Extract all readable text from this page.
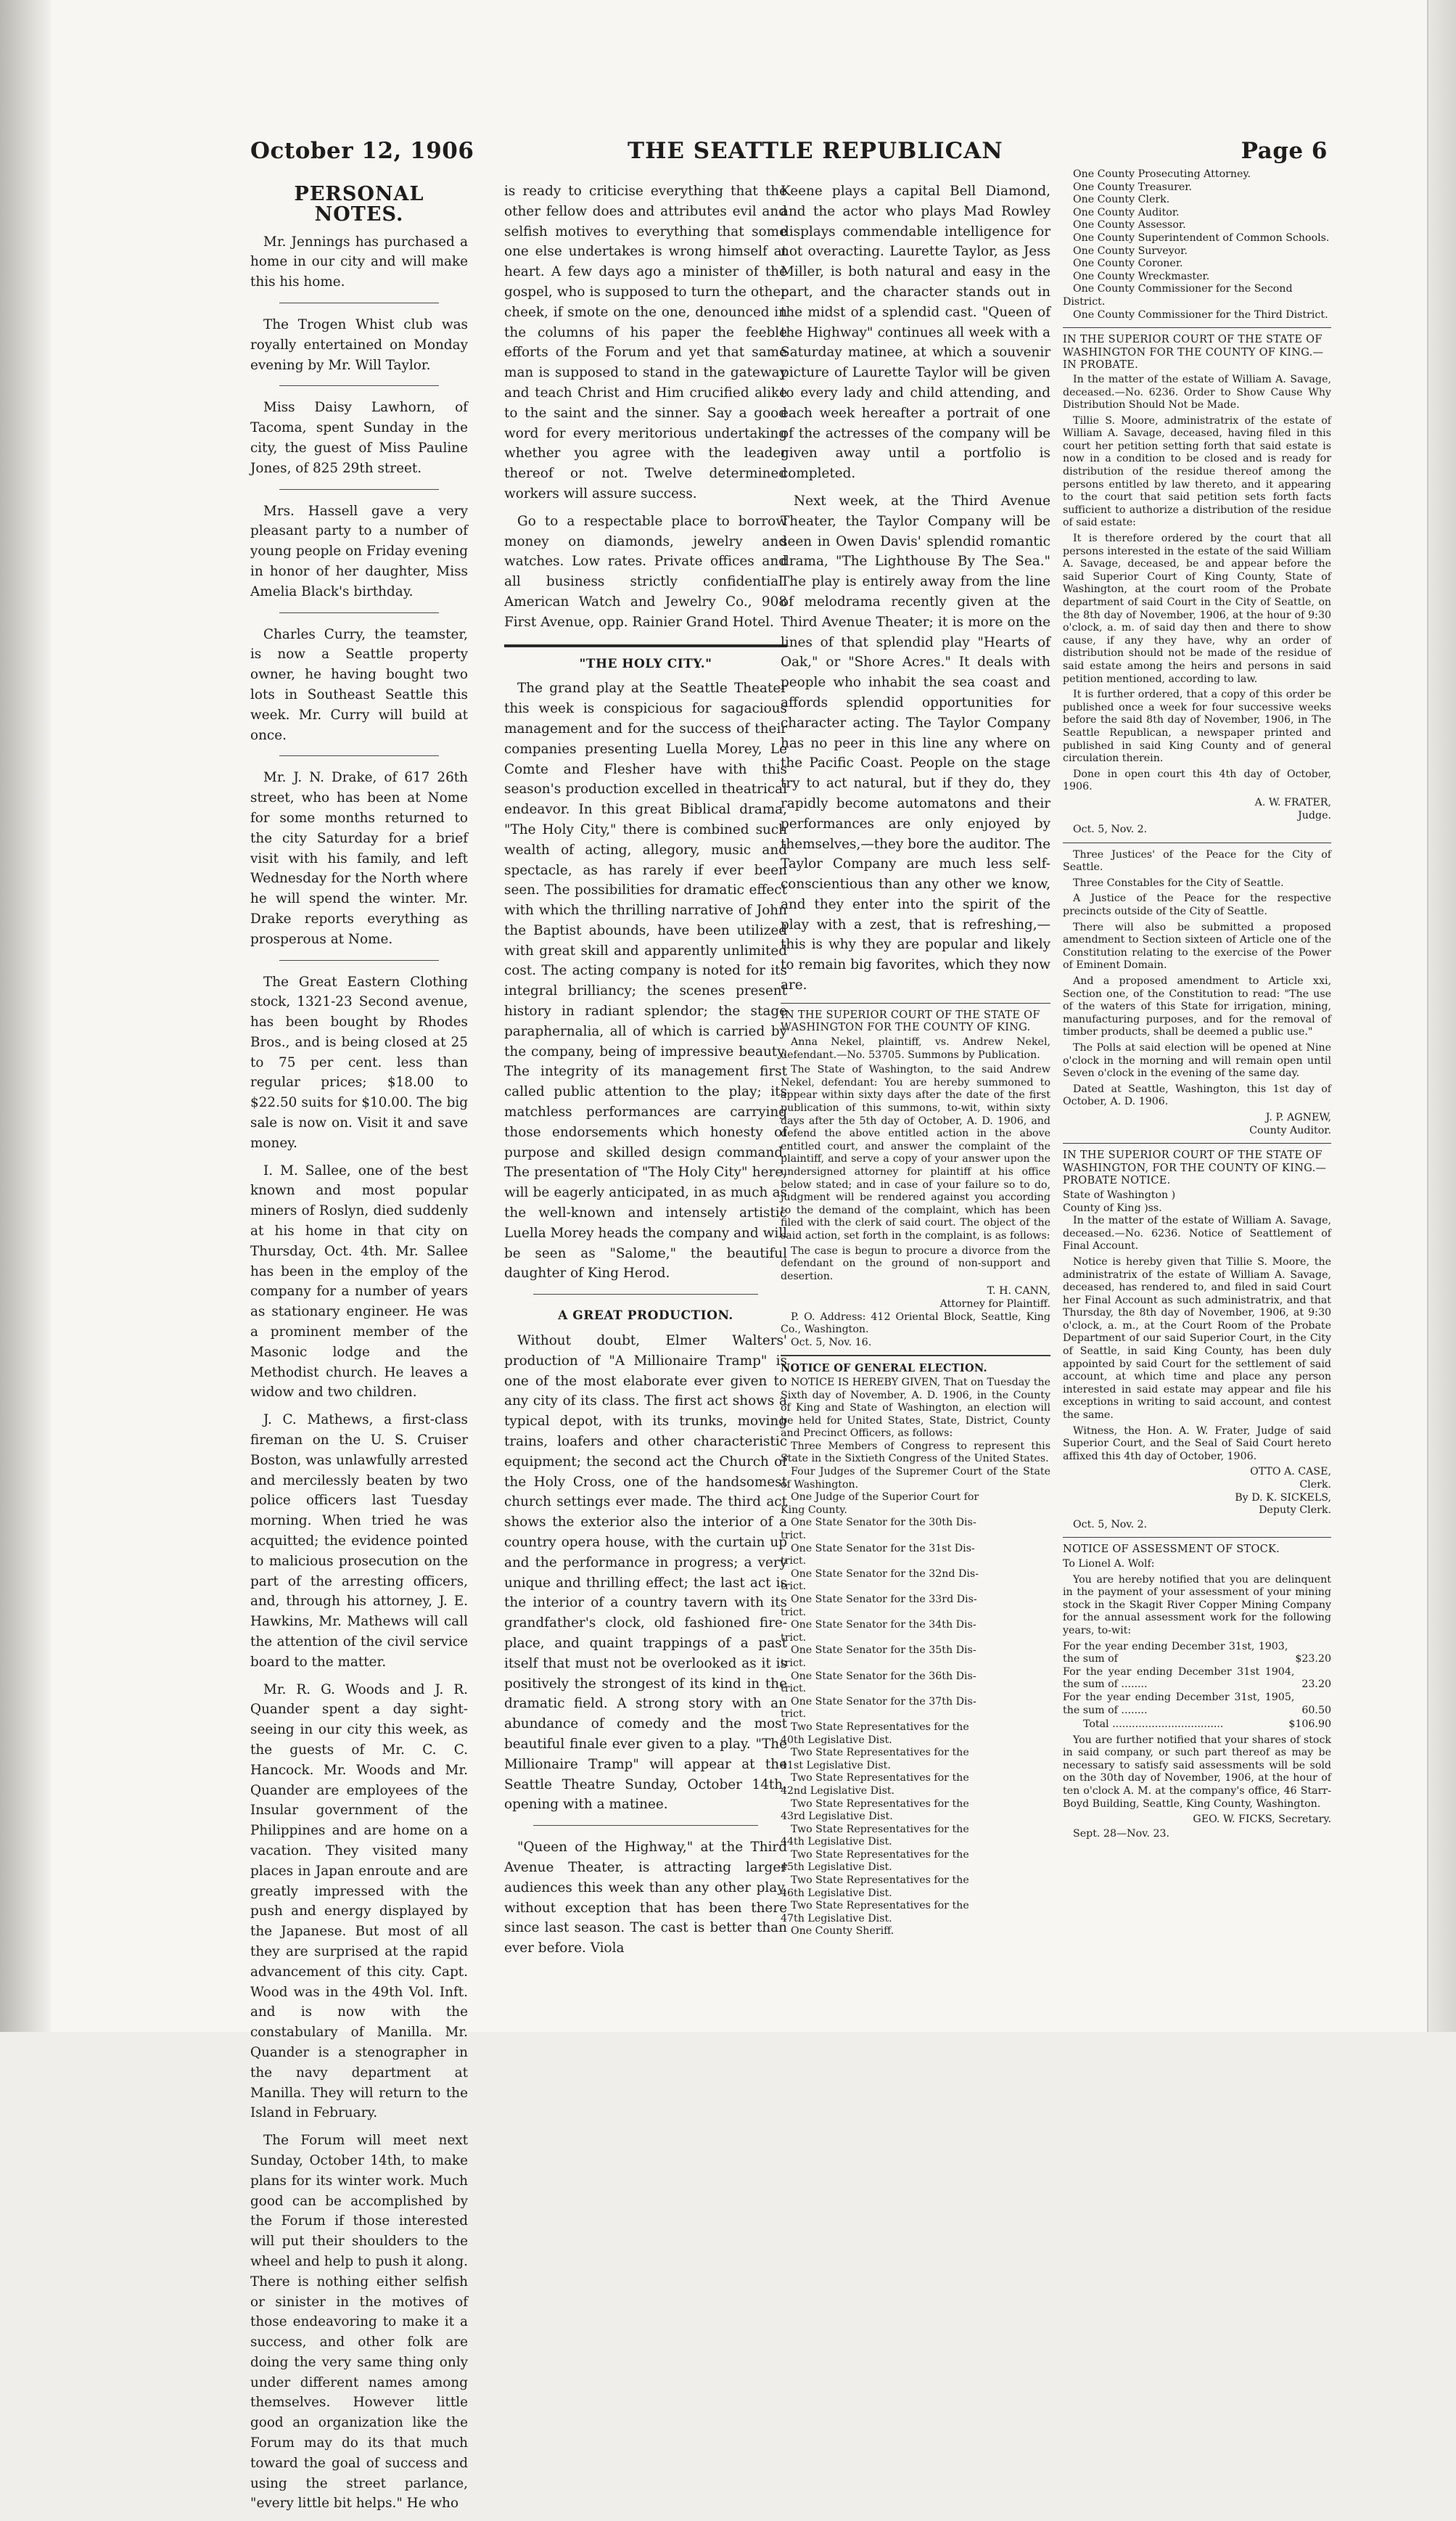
October 12, 1906	THE SEATTLE REPUBLICAN	Page 6
PERSONAL NOTES.

Mr. Jennings has purchased a home in our city and will make this his home.

The Trogen Whist club was royally entertained on Monday evening by Mr. Will Taylor.

Miss Daisy Lawhorn, of Tacoma, spent Sunday in the city, the guest of Miss Pauline Jones, of 825 29th street.

Mrs. Hassell gave a very pleasant party to a number of young people on Friday evening in honor of her daughter, Miss Amelia Black's birthday.

Charles Curry, the teamster, is now a Seattle property owner, he having bought two lots in Southeast Seattle this week. Mr. Curry will build at once.

Mr. J. N. Drake, of 617 26th street, who has been at Nome for some months returned to the city Saturday for a brief visit with his family, and left Wednesday for the North where he will spend the winter. Mr. Drake reports everything as prosperous at Nome.

The Great Eastern Clothing stock, 1321-23 Second avenue, has been bought by Rhodes Bros., and is being closed at 25 to 75 per cent. less than regular prices; $18.00 to $22.50 suits for $10.00. The big sale is now on. Visit it and save money.

I. M. Sallee, one of the best known and most popular miners of Roslyn, died suddenly at his home in that city on Thursday, Oct. 4th. Mr. Sallee has been in the employ of the company for a number of years as stationary engineer. He was a prominent member of the Masonic lodge and the Methodist church. He leaves a widow and two children.

J. C. Mathews, a first-class fireman on the U. S. Cruiser Boston, was unlawfully arrested and mercilessly beaten by two police officers last Tuesday morning. When tried he was acquitted; the evidence pointed to malicious prosecution on the part of the arresting officers, and, through his attorney, J. E. Hawkins, Mr. Mathews will call the attention of the civil service board to the matter.

Mr. R. G. Woods and J. R. Quander spent a day sight-seeing in our city this week, as the guests of Mr. C. C. Hancock. Mr. Woods and Mr. Quander are employees of the Insular government of the Philippines and are home on a vacation. They visited many places in Japan enroute and are greatly impressed with the push and energy displayed by the Japanese. But most of all they are surprised at the rapid advancement of this city. Capt. Wood was in the 49th Vol. Inft. and is now with the constabulary of Manilla. Mr. Quander is a stenographer in the navy department at Manilla. They will return to the Island in February.

The Forum will meet next Sunday, October 14th, to make plans for its winter work. Much good can be accomplished by the Forum if those interested will put their shoulders to the wheel and help to push it along. There is nothing either selfish or sinister in the motives of those endeavoring to make it a success, and other folk are doing the very same thing only under different names among themselves. However little good an organization like the Forum may do its that much toward the goal of success and using the street parlance, "every little bit helps." He who

is ready to criticise everything that the other fellow does and attributes evil and selfish motives to everything that some one else undertakes is wrong himself at heart. A few days ago a minister of the gospel, who is supposed to turn the other cheek, if smote on the one, denounced in the columns of his paper the feeble efforts of the Forum and yet that same man is supposed to stand in the gateway and teach Christ and Him crucified alike to the saint and the sinner. Say a good word for every meritorious undertaking whether you agree with the leader thereof or not. Twelve determined workers will assure success.

Go to a respectable place to borrow money on diamonds, jewelry and watches. Low rates. Private offices and all business strictly confidential. American Watch and Jewelry Co., 908 First Avenue, opp. Rainier Grand Hotel.

"THE HOLY CITY."

The grand play at the Seattle Theater this week is conspicious for sagacious management and for the success of their companies presenting Luella Morey, Le Comte and Flesher have with this season's production excelled in theatrical endeavor. In this great Biblical drama, "The Holy City," there is combined such wealth of acting, allegory, music and spectacle, as has rarely if ever been seen. The possibilities for dramatic effect with which the thrilling narrative of John the Baptist abounds, have been utilized with great skill and apparently unlimited cost. The acting company is noted for its integral brilliancy; the scenes present history in radiant splendor; the stage paraphernalia, all of which is carried by the company, being of impressive beauty. The integrity of its management first called public attention to the play; its matchless performances are carrying those endorsements which honesty of purpose and skilled design command. The presentation of "The Holy City" here, will be eagerly anticipated, in as much as the well-known and intensely artistic Luella Morey heads the company and will be seen as "Salome," the beautiful daughter of King Herod.

A GREAT PRODUCTION.

Without doubt, Elmer Walters' production of "A Millionaire Tramp" is one of the most elaborate ever given to any city of its class. The first act shows a typical depot, with its trunks, moving trains, loafers and other characteristic equipment; the second act the Church of the Holy Cross, one of the handsomest church settings ever made. The third act shows the exterior also the interior of a country opera house, with the curtain up and the performance in progress; a very unique and thrilling effect; the last act is the interior of a country tavern with its grandfather's clock, old fashioned fire-place, and quaint trappings of a past itself that must not be overlooked as it is positively the strongest of its kind in the dramatic field. A strong story with an abundance of comedy and the most beautiful finale ever given to a play. "The Millionaire Tramp" will appear at the Seattle Theatre Sunday, October 14th, opening with a matinee.

"Queen of the Highway," at the Third Avenue Theater, is attracting larger audiences this week than any other play, without exception that has been there since last season. The cast is better than ever before. Viola

Keene plays a capital Bell Diamond, and the actor who plays Mad Rowley displays commendable intelligence for not overacting. Laurette Taylor, as Jess Miller, is both natural and easy in the part, and the character stands out in the midst of a splendid cast. "Queen of the Highway" continues all week with a Saturday matinee, at which a souvenir picture of Laurette Taylor will be given to every lady and child attending, and each week hereafter a portrait of one of the actresses of the company will be given away until a portfolio is completed.

Next week, at the Third Avenue Theater, the Taylor Company will be seen in Owen Davis' splendid romantic drama, "The Lighthouse By The Sea." The play is entirely away from the line of melodrama recently given at the Third Avenue Theater; it is more on the lines of that splendid play "Hearts of Oak," or "Shore Acres." It deals with people who inhabit the sea coast and affords splendid opportunities for character acting. The Taylor Company has no peer in this line any where on the Pacific Coast. People on the stage try to act natural, but if they do, they rapidly become automatons and their performances are only enjoyed by themselves,—they bore the auditor. The Taylor Company are much less self-conscientious than any other we know, and they enter into the spirit of the play with a zest, that is refreshing,—this is why they are popular and likely to remain big favorites, which they now are.

IN THE SUPERIOR COURT OF THE STATE OF WASHINGTON FOR THE COUNTY OF KING.

Anna Nekel, plaintiff, vs. Andrew Nekel, defendant.—No. 53705. Summons by Publication.

The State of Washington, to the said Andrew Nekel, defendant: You are hereby summoned to appear within sixty days after the date of the first publication of this summons, to-wit, within sixty days after the 5th day of October, A. D. 1906, and defend the above entitled action in the above entitled court, and answer the complaint of the plaintiff, and serve a copy of your answer upon the undersigned attorney for plaintiff at his office below stated; and in case of your failure so to do, judgment will be rendered against you according to the demand of the complaint, which has been filed with the clerk of said court. The object of the said action, set forth in the complaint, is as follows:

The case is begun to procure a divorce from the defendant on the ground of non-support and desertion.

T. H. CANN,

Attorney for Plaintiff.

P. O. Address: 412 Oriental Block, Seattle, King Co., Washington.

Oct. 5, Nov. 16.

NOTICE OF GENERAL ELECTION.

NOTICE IS HEREBY GIVEN, That on Tuesday the Sixth day of November, A. D. 1906, in the County of King and State of Washington, an election will be held for United States, State, District, County and Precinct Officers, as follows:

Three Members of Congress to represent this State in the Sixtieth Congress of the United States.

Four Judges of the Supremer Court of the State of Washington.

One Judge of the Superior Court for
King County.
One State Senator for the 30th Dis-
trict.
One State Senator for the 31st Dis-
trict.
One State Senator for the 32nd Dis-
trict.
One State Senator for the 33rd Dis-
trict.
One State Senator for the 34th Dis-
trict.
One State Senator for the 35th Dis-
trict.
One State Senator for the 36th Dis-
trict.
One State Senator for the 37th Dis-
trict.
Two State Representatives for the
40th Legislative Dist.
Two State Representatives for the
41st Legislative Dist.
Two State Representatives for the
42nd Legislative Dist.
Two State Representatives for the
43rd Legislative Dist.
Two State Representatives for the
44th Legislative Dist.
Two State Representatives for the
45th Legislative Dist.
Two State Representatives for the
46th Legislative Dist.
Two State Representatives for the
47th Legislative Dist.

One County Sheriff.

One County Prosecuting Attorney.

One County Treasurer.

One County Clerk.

One County Auditor.

One County Assessor.

One County Superintendent of Common Schools.

One County Surveyor.

One County Coroner.

One County Wreckmaster.

One County Commissioner for the Second District.

One County Commissioner for the Third District.

IN THE SUPERIOR COURT OF THE STATE OF WASHINGTON FOR THE COUNTY OF KING.—IN PROBATE.

In the matter of the estate of William A. Savage, deceased.—No. 6236. Order to Show Cause Why Distribution Should Not be Made.

Tillie S. Moore, administratrix of the estate of William A. Savage, deceased, having filed in this court her petition setting forth that said estate is now in a condition to be closed and is ready for distribution of the residue thereof among the persons entitled by law thereto, and it appearing to the court that said petition sets forth facts sufficient to authorize a distribution of the residue of said estate:

It is therefore ordered by the court that all persons interested in the estate of the said William A. Savage, deceased, be and appear before the said Superior Court of King County, State of Washington, at the court room of the Probate department of said Court in the City of Seattle, on the 8th day of November, 1906, at the hour of 9:30 o'clock, a. m. of said day then and there to show cause, if any they have, why an order of distribution should not be made of the residue of said estate among the heirs and persons in said petition mentioned, according to law.

It is further ordered, that a copy of this order be published once a week for four successive weeks before the said 8th day of November, 1906, in The Seattle Republican, a newspaper printed and published in said King County and of general circulation therein.

Done in open court this 4th day of October, 1906.

A. W. FRATER,

Judge.

Oct. 5, Nov. 2.

Three Justices' of the Peace for the City of Seattle.

Three Constables for the City of Seattle.

A Justice of the Peace for the respective precincts outside of the City of Seattle.

There will also be submitted a proposed amendment to Section sixteen of Article one of the Constitution relating to the exercise of the Power of Eminent Domain.

And a proposed amendment to Article xxi, Section one, of the Constitution to read: "The use of the waters of this State for irrigation, mining, manufacturing purposes, and for the removal of timber products, shall be deemed a public use."

The Polls at said election will be opened at Nine o'clock in the morning and will remain open until Seven o'clock in the evening of the same day.

Dated at Seattle, Washington, this 1st day of October, A. D. 1906.

J. P. AGNEW,

County Auditor.

IN THE SUPERIOR COURT OF THE STATE OF WASHINGTON, FOR THE COUNTY OF KING.—PROBATE NOTICE.

State of Washington )

County of King )ss.

In the matter of the estate of William A. Savage, deceased.—No. 6236. Notice of Seattlement of Final Account.

Notice is hereby given that Tillie S. Moore, the administratrix of the estate of William A. Savage, deceased, has rendered to, and filed in said Court her Final Account as such administratrix, and that Thursday, the 8th day of November, 1906, at 9:30 o'clock, a. m., at the Court Room of the Probate Department of our said Superior Court, in the City of Seattle, in said King County, has been duly appointed by said Court for the settlement of said account, at which time and place any person interested in said estate may appear and file his exceptions in writing to said account, and contest the same.

Witness, the Hon. A. W. Frater, Judge of said Superior Court, and the Seal of Said Court hereto affixed this 4th day of October, 1906.

OTTO A. CASE,

Clerk.

By D. K. SICKELS,

Deputy Clerk.

Oct. 5, Nov. 2.

NOTICE OF ASSESSMENT OF STOCK.

To Lionel A. Wolf:

You are hereby notified that you are delinquent in the payment of your assessment of your mining stock in the Skagit River Copper Mining Company for the annual assessment work for the following years, to-wit:

For the year ending December 31st, 1903, the sum of	$23.20
For the year ending December 31st 1904, the sum of ........	23.20
For the year ending December 31st, 1905, the sum of ........	60.50
Total ..................................	$106.90

You are further notified that your shares of stock in said company, or such part thereof as may be necessary to satisfy said assessments will be sold on the 30th day of November, 1906, at the hour of ten o'clock A. M. at the company's office, 46 Starr-Boyd Building, Seattle, King County, Washington.

GEO. W. FICKS, Secretary.

Sept. 28—Nov. 23.
